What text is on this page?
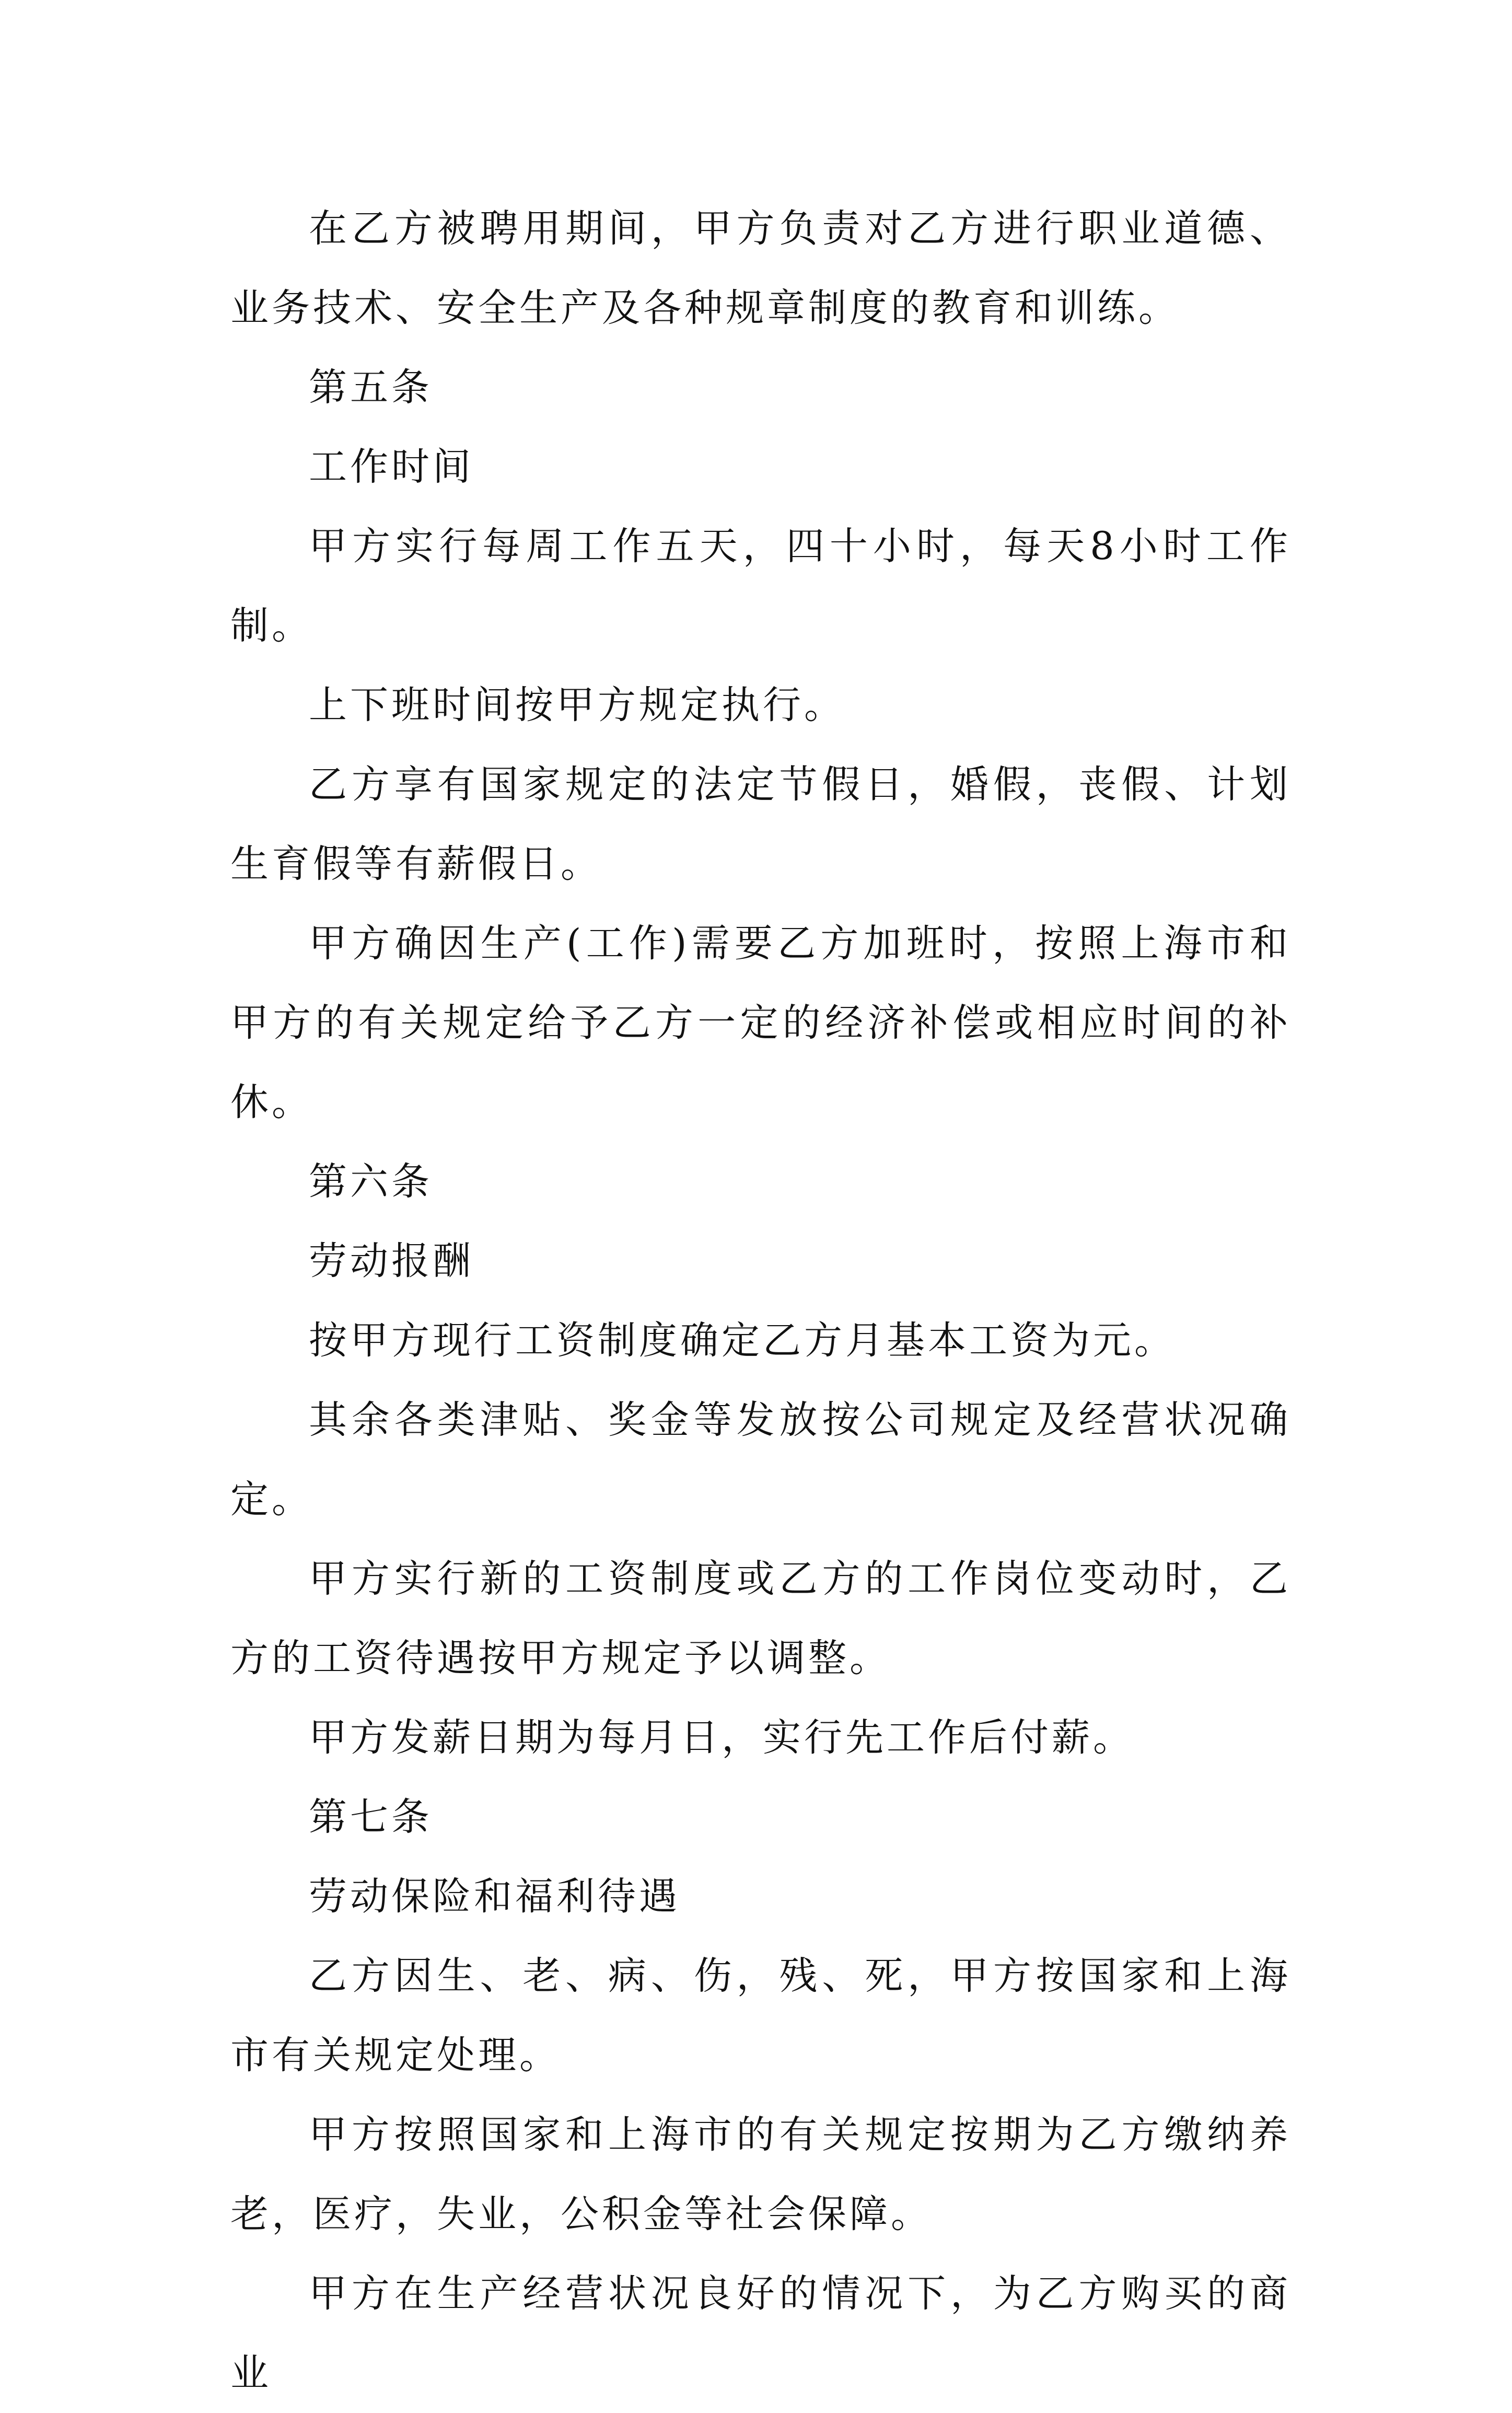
在乙方被聘用期间，甲方负责对乙方进行职业道德、业务技术、安全生产及各种规章制度的教育和训练。

第五条

工作时间

甲方实行每周工作五天，四十小时，每天8小时工作制。

上下班时间按甲方规定执行。

乙方享有国家规定的法定节假日，婚假，丧假、计划生育假等有薪假日。

甲方确因生产(工作)需要乙方加班时，按照上海市和甲方的有关规定给予乙方一定的经济补偿或相应时间的补休。

第六条

劳动报酬

按甲方现行工资制度确定乙方月基本工资为元。

其余各类津贴、奖金等发放按公司规定及经营状况确定。

甲方实行新的工资制度或乙方的工作岗位变动时，乙方的工资待遇按甲方规定予以调整。

甲方发薪日期为每月日，实行先工作后付薪。

第七条

劳动保险和福利待遇

乙方因生、老、病、伤，残、死，甲方按国家和上海市有关规定处理。

甲方按照国家和上海市的有关规定按期为乙方缴纳养老，医疗，失业，公积金等社会保障。

甲方在生产经营状况良好的情况下，为乙方购买的商业
